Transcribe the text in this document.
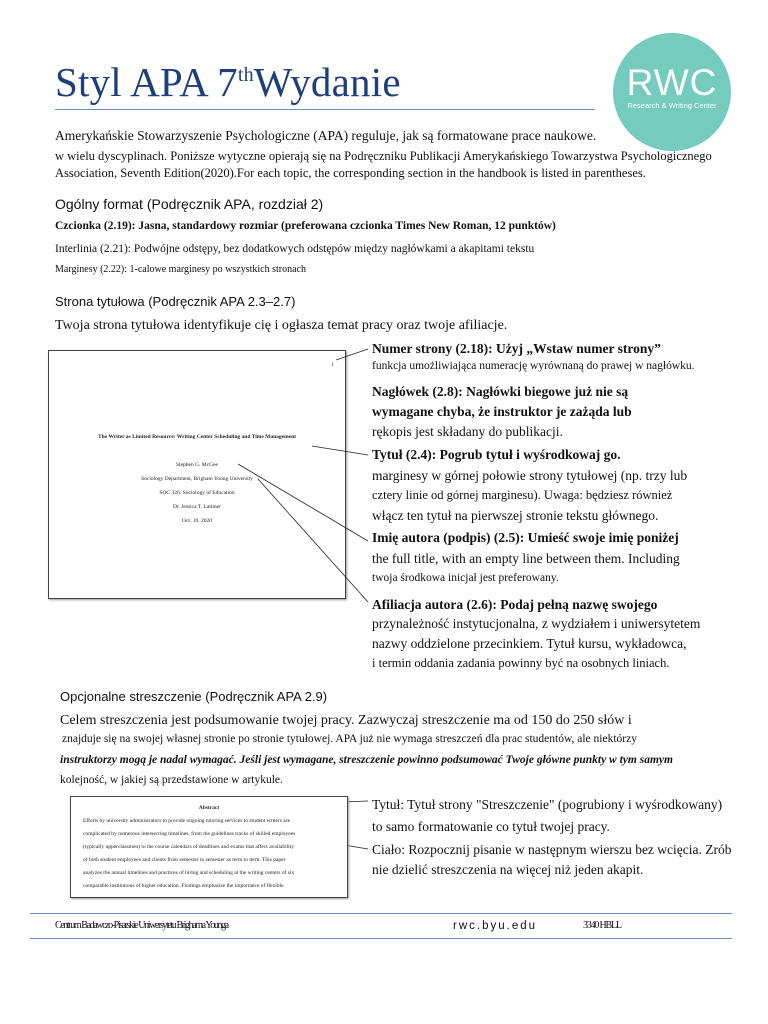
Styl APA 7thWydanie	RWC
Research & Writing Center
Amerykańskie Stowarzyszenie Psychologiczne (APA) reguluje, jak są formatowane prace naukowe.
w wielu dyscyplinach. Poniższe wytyczne opierają się na Podręczniku Publikacji Amerykańskiego Towarzystwa Psychologicznego
Association, Seventh Edition(2020).For each topic, the corresponding section in the handbook is listed in parentheses.
Ogólny format (Podręcznik APA, rozdział 2)
Czcionka (2.19): Jasna, standardowy rozmiar (preferowana czcionka Times New Roman, 12 punktów)
Interlinia (2.21): Podwójne odstępy, bez dodatkowych odstępów między nagłówkami a akapitami tekstu
Marginesy (2.22): 1-calowe marginesy po wszystkich stronach
Strona tytułowa (Podręcznik APA 2.3–2.7)
Twoja strona tytułowa identyfikuje cię i ogłasza temat pracy oraz twoje afiliacje.
1
The Writer as Limited Resource: Writing Center Scheduling and Time Management
Stephen G. McGee
Sociology Department, Brigham Young University
SOC 326: Sociology of Education
Dr. Jessica T. Latimer
Oct. 19, 2020
Numer strony (2.18): Użyj „Wstaw numer strony”
funkcja umożliwiająca numerację wyrównaną do prawej w nagłówku.
Nagłówek (2.8): Nagłówki biegowe już nie są
wymagane chyba, że instruktor je zażąda lub
rękopis jest składany do publikacji.
Tytuł (2.4): Pogrub tytuł i wyśrodkowaj go.
marginesy w górnej połowie strony tytułowej (np. trzy lub
cztery linie od górnej marginesu). Uwaga: będziesz również
włącz ten tytuł na pierwszej stronie tekstu głównego.
Imię autora (podpis) (2.5): Umieść swoje imię poniżej
the full title, with an empty line between them. Including
twoja środkowa inicjał jest preferowany.
Afiliacja autora (2.6): Podaj pełną nazwę swojego
przynależność instytucjonalna, z wydziałem i uniwersytetem
nazwy oddzielone przecinkiem. Tytuł kursu, wykładowca,
i termin oddania zadania powinny być na osobnych liniach.
Opcjonalne streszczenie (Podręcznik APA 2.9)
Celem streszczenia jest podsumowanie twojej pracy. Zazwyczaj streszczenie ma od 150 do 250 słów i
znajduje się na swojej własnej stronie po stronie tytułowej. APA już nie wymaga streszczeń dla prac studentów, ale niektórzy
instruktorzy mogą je nadal wymagać. Jeśli jest wymagane, streszczenie powinno podsumować Twoje główne punkty w tym samym
kolejność, w jakiej są przedstawione w artykule.
Abstract
Efforts by university administrators to provide ongoing tutoring services to student writers are
complicated by numerous intersecting timelines, from the guidelines tracks of skilled employees
(typically upperclassmen) to the course calendars of deadlines and exams that affect availability
of both student employees and clients from semester to semester as term to term. This paper
analyzes the annual timelines and practices of hiring and scheduling at the writing centers of six
comparable institutions of higher education. Findings emphasize the importance of flexible
Tytuł: Tytuł strony "Streszczenie" (pogrubiony i wyśrodkowany)
to samo formatowanie co tytuł twojej pracy.
Ciało: Rozpocznij pisanie w następnym wierszu bez wcięcia. Zrób
nie dzielić streszczenia na więcej niż jeden akapit.
Centrum Badawczo-Pisarskie Uniwersytetu Brighama Younga	rwc.byu.edu	3340 HBLL
